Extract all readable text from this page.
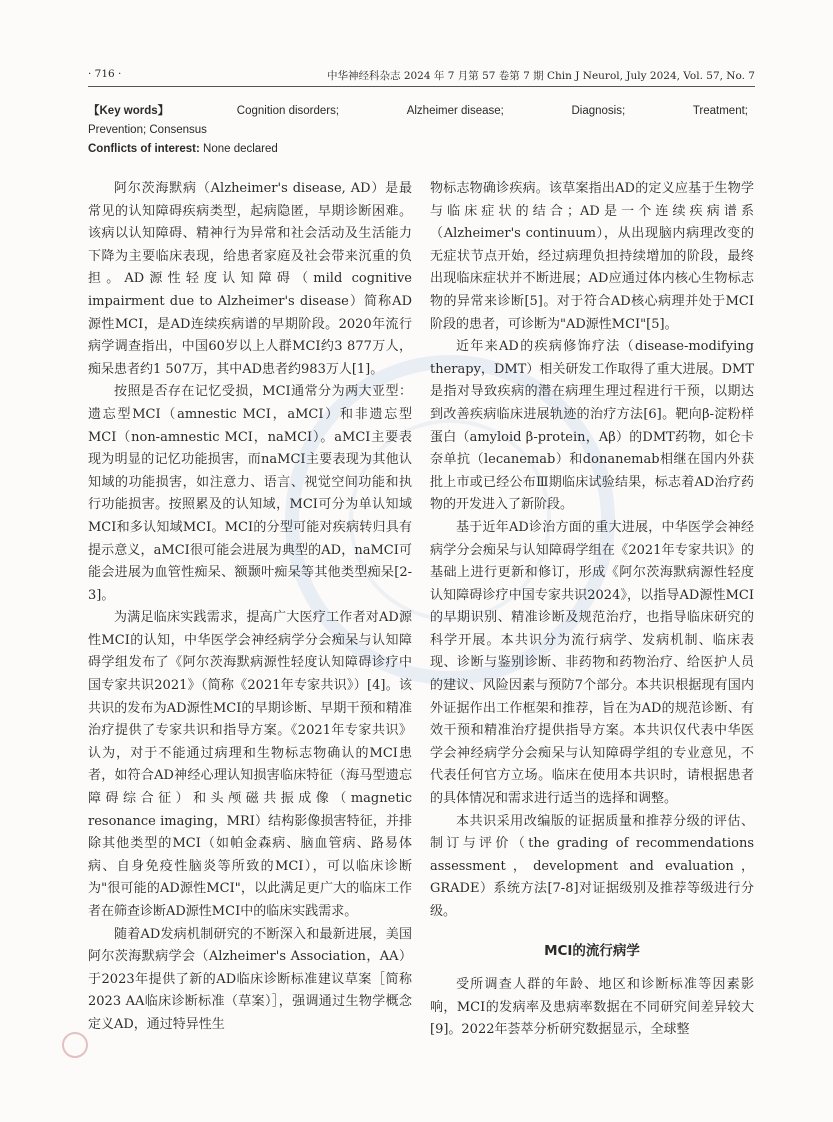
· 716 ·	中华神经科杂志 2024 年 7 月第 57 卷第 7 期 Chin J Neurol, July 2024, Vol. 57, No. 7
【Key words】	Cognition disorders;	Alzheimer disease;	Diagnosis;	Treatment;
Prevention; Consensus
Conflicts of interest: None declared

阿尔茨海默病（Alzheimer's disease, AD）是最常见的认知障碍疾病类型，起病隐匿，早期诊断困难。该病以认知障碍、精神行为异常和社会活动及生活能力下降为主要临床表现，给患者家庭及社会带来沉重的负担。AD源性轻度认知障碍（mild cognitive impairment due to Alzheimer's disease）简称AD源性MCI，是AD连续疾病谱的早期阶段。2020年流行病学调查指出，中国60岁以上人群MCI约3 877万人，痴呆患者约1 507万，其中AD患者约983万人[1]。

按照是否存在记忆受损，MCI通常分为两大亚型：遗忘型MCI（amnestic MCI，aMCI）和非遗忘型MCI（non-amnestic MCI，naMCI）。aMCI主要表现为明显的记忆功能损害，而naMCI主要表现为其他认知域的功能损害，如注意力、语言、视觉空间功能和执行功能损害。按照累及的认知域，MCI可分为单认知域MCI和多认知域MCI。MCI的分型可能对疾病转归具有提示意义，aMCI很可能会进展为典型的AD，naMCI可能会进展为血管性痴呆、额颞叶痴呆等其他类型痴呆[2-3]。

为满足临床实践需求，提高广大医疗工作者对AD源性MCI的认知，中华医学会神经病学分会痴呆与认知障碍学组发布了《阿尔茨海默病源性轻度认知障碍诊疗中国专家共识2021》（简称《2021年专家共识》）[4]。该共识的发布为AD源性MCI的早期诊断、早期干预和精准治疗提供了专家共识和指导方案。《2021年专家共识》认为，对于不能通过病理和生物标志物确认的MCI患者，如符合AD神经心理认知损害临床特征（海马型遗忘障碍综合征）和头颅磁共振成像（magnetic resonance imaging，MRI）结构影像损害特征，并排除其他类型的MCI（如帕金森病、脑血管病、路易体病、自身免疫性脑炎等所致的MCI），可以临床诊断为"很可能的AD源性MCI"，以此满足更广大的临床工作者在筛查诊断AD源性MCI中的临床实践需求。

随着AD发病机制研究的不断深入和最新进展，美国阿尔茨海默病学会（Alzheimer's Association，AA）于2023年提供了新的AD临床诊断标准建议草案［简称2023 AA临床诊断标准（草案）］，强调通过生物学概念定义AD，通过特异性生

物标志物确诊疾病。该草案指出AD的定义应基于生物学与临床症状的结合；AD是一个连续疾病谱系（Alzheimer's continuum），从出现脑内病理改变的无症状节点开始，经过病理负担持续增加的阶段，最终出现临床症状并不断进展；AD应通过体内核心生物标志物的异常来诊断[5]。对于符合AD核心病理并处于MCI阶段的患者，可诊断为"AD源性MCI"[5]。

近年来AD的疾病修饰疗法（disease-modifying therapy，DMT）相关研发工作取得了重大进展。DMT是指对导致疾病的潜在病理生理过程进行干预，以期达到改善疾病临床进展轨迹的治疗方法[6]。靶向β-淀粉样蛋白（amyloid β-protein，Aβ）的DMT药物，如仑卡奈单抗（lecanemab）和donanemab相继在国内外获批上市或已经公布Ⅲ期临床试验结果，标志着AD治疗药物的开发进入了新阶段。

基于近年AD诊治方面的重大进展，中华医学会神经病学分会痴呆与认知障碍学组在《2021年专家共识》的基础上进行更新和修订，形成《阿尔茨海默病源性轻度认知障碍诊疗中国专家共识2024》，以指导AD源性MCI的早期识别、精准诊断及规范治疗，也指导临床研究的科学开展。本共识分为流行病学、发病机制、临床表现、诊断与鉴别诊断、非药物和药物治疗、给医护人员的建议、风险因素与预防7个部分。本共识根据现有国内外证据作出工作框架和推荐，旨在为AD的规范诊断、有效干预和精准治疗提供指导方案。本共识仅代表中华医学会神经病学分会痴呆与认知障碍学组的专业意见，不代表任何官方立场。临床在使用本共识时，请根据患者的具体情况和需求进行适当的选择和调整。

本共识采用改编版的证据质量和推荐分级的评估、制订与评价（the grading of recommendations assessment，development and evaluation，GRADE）系统方法[7-8]对证据级别及推荐等级进行分级。

MCI的流行病学

受所调查人群的年龄、地区和诊断标准等因素影响，MCI的发病率及患病率数据在不同研究间差异较大[9]。2022年荟萃分析研究数据显示，全球整
